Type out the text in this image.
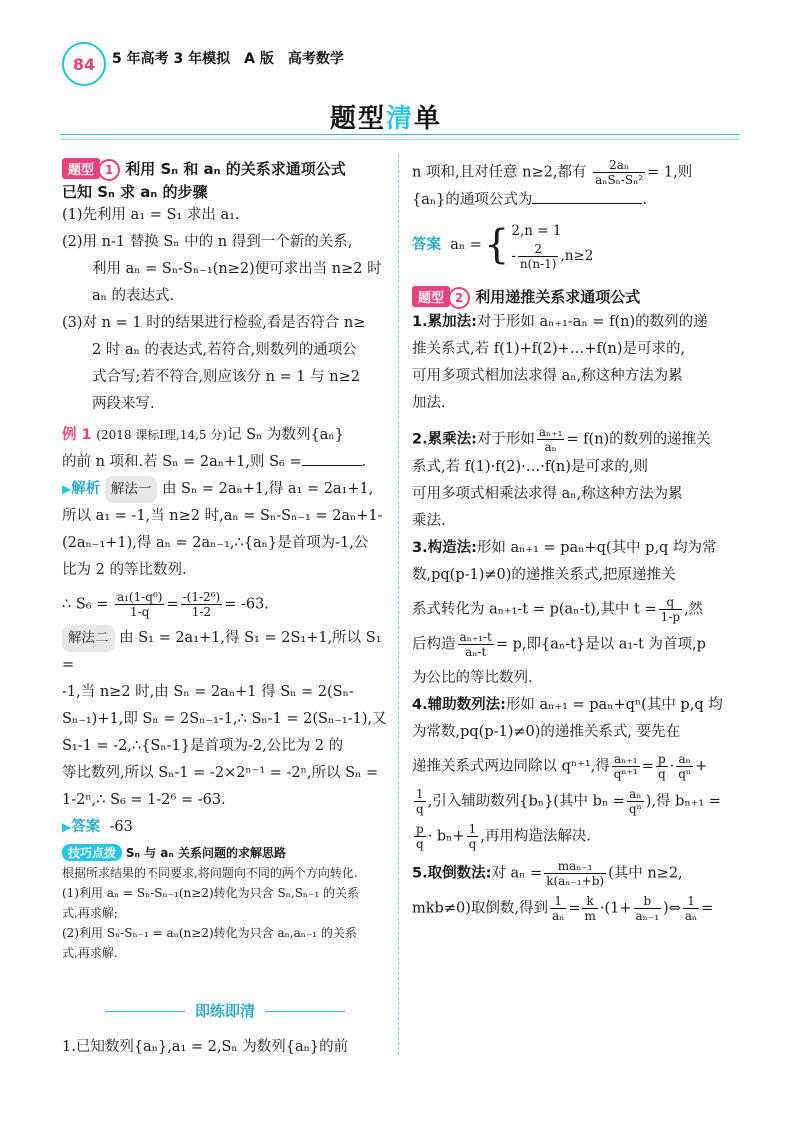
84	5 年高考 3 年模拟　A 版　高考数学
题型清单

题型 1 利用 Sₙ 和 aₙ 的关系求通项公式

已知 Sₙ 求 aₙ 的步骤

(1)先利用 a₁ = S₁ 求出 a₁.

(2)用 n-1 替换 Sₙ 中的 n 得到一个新的关系,

利用 aₙ = Sₙ-Sₙ₋₁(n≥2)便可求出当 n≥2 时

aₙ 的表达式.

(3)对 n = 1 时的结果进行检验,看是否符合 n≥

2 时 aₙ 的表达式,若符合,则数列的通项公

式合写;若不符合,则应该分 n = 1 与 n≥2

两段来写.

例 1 (2018 课标Ⅰ理,14,5 分)记 Sₙ 为数列{aₙ}

的前 n 项和.若 Sₙ = 2aₙ+1,则 S₆ =	.

▶解析 解法一 由 Sₙ = 2aₙ+1,得 a₁ = 2a₁+1,

所以 a₁ = -1,当 n≥2 时,aₙ = Sₙ-Sₙ₋₁ = 2aₙ+1-

(2aₙ₋₁+1),得 aₙ = 2aₙ₋₁,∴{aₙ}是首项为-1,公

比为 2 的等比数列.

∴ $S_6 = \frac{\text{a₁(1-q⁶)}}{1-q} = \frac{\text{-(1-2⁶)}}{1-2} = -63$.

解法二 由 S₁ = 2a₁+1,得 S₁ = 2S₁+1,所以 S₁ =

-1,当 n≥2 时,由 Sₙ = 2aₙ+1 得 Sₙ = 2(Sₙ-

Sₙ₋₁)+1,即 Sₙ = 2Sₙ₋₁-1,∴ Sₙ-1 = 2(Sₙ₋₁-1),又

S₁-1 = -2,∴{Sₙ-1}是首项为-2,公比为 2 的

等比数列,所以 Sₙ-1 = -2×2ⁿ⁻¹ = -2ⁿ,所以 Sₙ =

1-2ⁿ,∴ S₆ = 1-2⁶ = -63.

▶答案 -63

技巧点拨 Sₙ 与 aₙ 关系问题的求解思路

根据所求结果的不同要求,将问题向不同的两个方向转化.

(1)利用 aₙ = Sₙ-Sₙ₋₁(n≥2)转化为只含 Sₙ,Sₙ₋₁ 的关系

式,再求解;

(2)利用 Sₙ-Sₙ₋₁ = aₙ(n≥2)转化为只含 aₙ,aₙ₋₁ 的关系

式,再求解.

即练即清

1.已知数列{aₙ},a₁ = 2,Sₙ 为数列{aₙ}的前

n 项和,且对任意 n≥2,都有 $\frac{\text{2aₙ}}{\text{aₙSₙ-Sₙ²}} = 1$,则

{aₙ}的通项公式为	.

答案
aₙ = { 2,n = 1
- $\frac{2}{n(n-1)} ,n\ge 2$

题型 2 利用递推关系求通项公式

1.累加法:对于形如 aₙ₊₁-aₙ = f(n)的数列的递

推关系式,若 f(1)+f(2)+…+f(n)是可求的,

可用多项式相加法求得 aₙ,称这种方法为累

加法.

2.累乘法:对于形如 $\frac{\text{aₙ₊₁}}{\text{aₙ}} = f(n)$的数列的递推关

系式,若 f(1)·f(2)·…·f(n)是可求的,则

可用多项式相乘法求得 aₙ,称这种方法为累

乘法.

3.构造法:形如 aₙ₊₁ = paₙ+q(其中 p,q 均为常

数,pq(p-1)≠0)的递推关系式,把原递推关

系式转化为 aₙ₊₁-t = p(aₙ-t),其中 $t = \frac{q}{1-p}$ ,然

后构造 $\frac{\text{aₙ₊₁-t}}{\text{aₙ-t}} = p$,即{aₙ-t}是以 a₁-t 为首项,p

为公比的等比数列.

4.辅助数列法:形如 aₙ₊₁ = paₙ+qⁿ(其中 p,q 均

为常数,pq(p-1)≠0)的递推关系式, 要先在

递推关系式两边同除以 qⁿ⁺¹,得 $\frac{\text{aₙ₊₁}}{\text{qⁿ⁺¹}} = \frac{p}{q} \cdot \frac{\text{aₙ}}{\text{qⁿ}}$ +

$\frac{1}{q}$ ,引入辅助数列{bₙ}(其中 $b_n = \frac{\text{aₙ}}{\text{qⁿ}}$ ),得 bₙ₊₁ =

$\frac{p}{q} \cdot b_n+ \frac{1}{q}$ ,再用构造法解决.

5.取倒数法:对 $a_n = \frac{\text{maₙ₋₁}}{\text{k(aₙ₋₁+b)}}$ (其中 n≥2,

mkb≠0)取倒数,得到 $\frac{1}{\text{aₙ}} = \frac{k}{m} \cdot(1+ \frac{b}{\text{aₙ₋₁}}$ )⇔ $\frac{1}{\text{aₙ}}$ =
